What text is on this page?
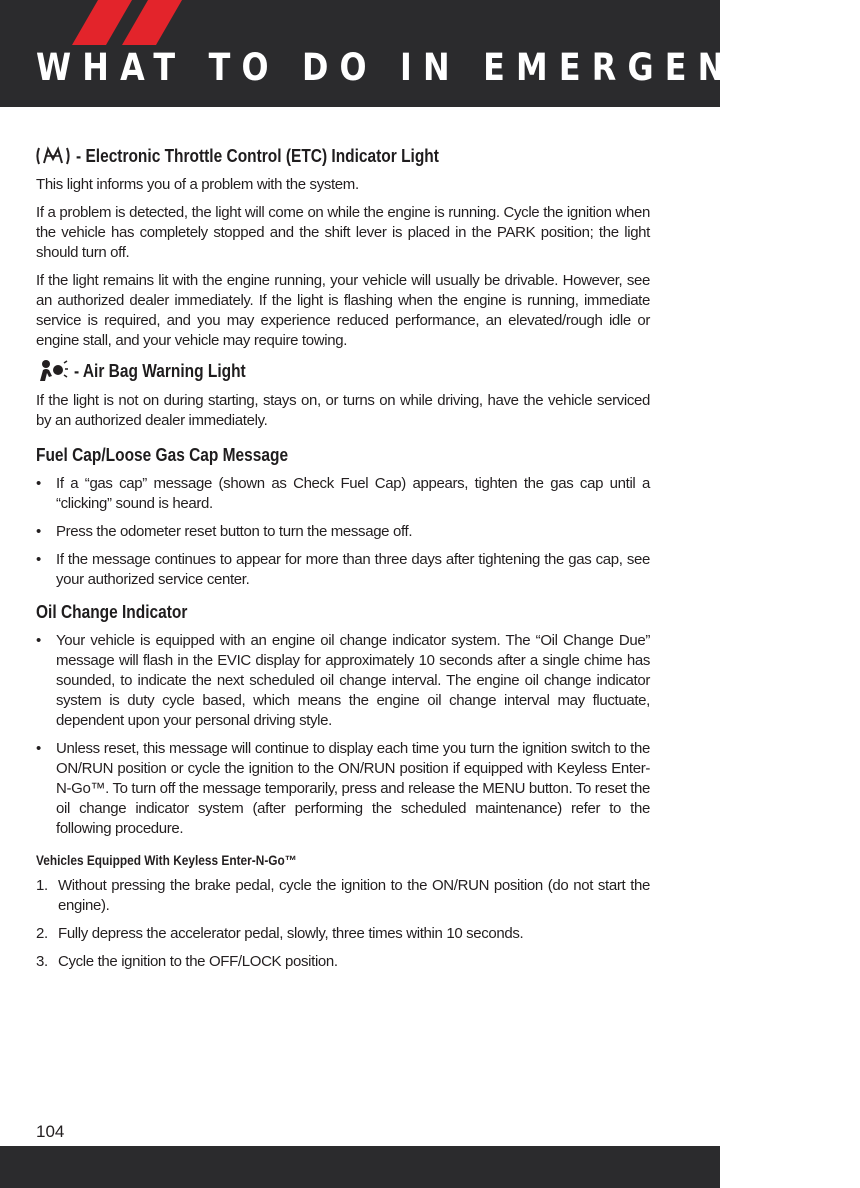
WHAT TO DO IN EMERGENCIES
- Electronic Throttle Control (ETC) Indicator Light

This light informs you of a problem with the system.

If a problem is detected, the light will come on while the engine is running. Cycle the ignition when the vehicle has completely stopped and the shift lever is placed in the PARK position; the light should turn off.

If the light remains lit with the engine running, your vehicle will usually be drivable. However, see an authorized dealer immediately. If the light is flashing when the engine is running, immediate service is required, and you may experience reduced performance, an elevated/rough idle or engine stall, and your vehicle may require towing.

- Air Bag Warning Light

If the light is not on during starting, stays on, or turns on while driving, have the vehicle serviced by an authorized dealer immediately.

Fuel Cap/Loose Gas Cap Message
• If a “gas cap” message (shown as Check Fuel Cap) appears, tighten the gas cap until a “clicking” sound is heard.
• Press the odometer reset button to turn the message off.
• If the message continues to appear for more than three days after tightening the gas cap, see your authorized service center.
Oil Change Indicator
• Your vehicle is equipped with an engine oil change indicator system. The “Oil Change Due” message will flash in the EVIC display for approximately 10 seconds after a single chime has sounded, to indicate the next scheduled oil change interval. The engine oil change indicator system is duty cycle based, which means the engine oil change interval may fluctuate, dependent upon your personal driving style.
• Unless reset, this message will continue to display each time you turn the ignition switch to the ON/RUN position or cycle the ignition to the ON/RUN position if equipped with Keyless Enter-N-Go™. To turn off the message temporarily, press and release the MENU button. To reset the oil change indicator system (after performing the scheduled maintenance) refer to the following procedure.
Vehicles Equipped With Keyless Enter-N-Go™
1. Without pressing the brake pedal, cycle the ignition to the ON/RUN position (do not start the engine).
2. Fully depress the accelerator pedal, slowly, three times within 10 seconds.
3. Cycle the ignition to the OFF/LOCK position.
104
